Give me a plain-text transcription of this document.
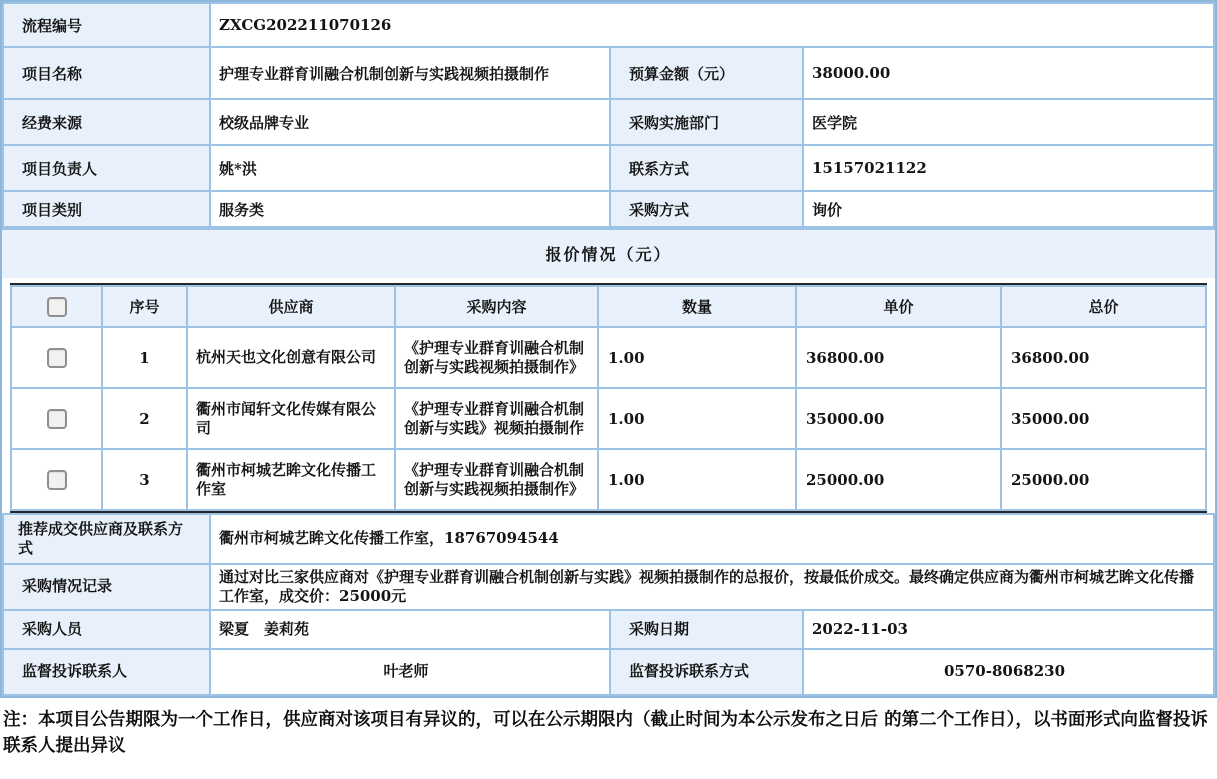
流程编号	ZXCG202211070126		
项目名称	护理专业群育训融合机制创新与实践视频拍摄制作	预算金额（元）	38000.00
经费来源	校级品牌专业	采购实施部门	医学院
项目负责人	姚*洪	联系方式	15157021122
项目类别	服务类	采购方式	询价
报价情况（元）
	序号	供应商	采购内容	数量	单价	总价
	1	杭州天也文化创意有限公司	《护理专业群育训融合机制创新与实践视频拍摄制作》	1.00	36800.00	36800.00
	2	衢州市闻轩文化传媒有限公司	《护理专业群育训融合机制创新与实践》视频拍摄制作	1.00	35000.00	35000.00
	3	衢州市柯城艺眸文化传播工作室	《护理专业群育训融合机制创新与实践视频拍摄制作》	1.00	25000.00	25000.00
推荐成交供应商及联系方式	衢州市柯城艺眸文化传播工作室，18767094544		
采购情况记录	通过对比三家供应商对《护理专业群育训融合机制创新与实践》视频拍摄制作的总报价，按最低价成交。最终确定供应商为衢州市柯城艺眸文化传播工作室，成交价：25000元		
采购人员	梁夏　姜莉苑	采购日期	2022-11-03
监督投诉联系人	叶老师	监督投诉联系方式	0570-8068230
注：本项目公告期限为一个工作日，供应商对该项目有异议的，可以在公示期限内（截止时间为本公示发布之日后 的第二个工作日），以书面形式向监督投诉联系人提出异议
